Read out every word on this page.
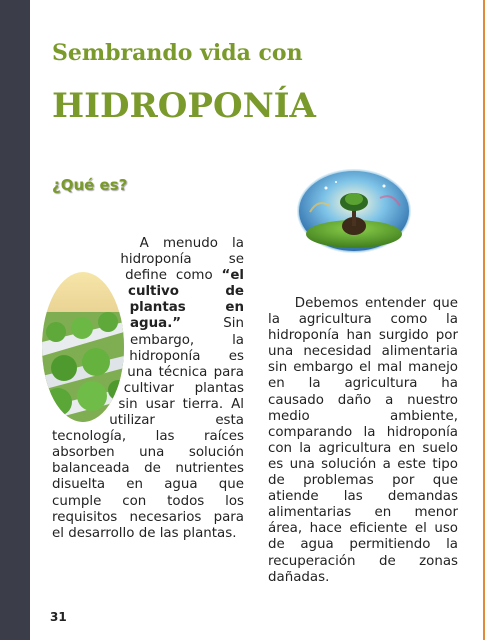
Sembrando vida con
HIDROPONÍA
¿Qué es?

A menudo la hidroponía se define como “el cultivo de plantas en agua.” Sin embargo, la hidroponía es una técnica para cultivar plantas sin usar tierra. Al utilizar esta tecnología, las raíces absorben una solución balanceada de nutrientes disuelta en agua que cumple con todos los requisitos necesarios para el desarrollo de las plantas.

Debemos entender que la agricultura como la hidroponía han surgido por una necesidad alimentaria sin embargo el mal manejo en la agricultura ha causado daño a nuestro medio ambiente, comparando la hidroponía con la agricultura en suelo es una solución a este tipo de problemas por que atiende las demandas alimentarias en menor área, hace eficiente el uso de agua permitiendo la recuperación de zonas dañadas.

31
